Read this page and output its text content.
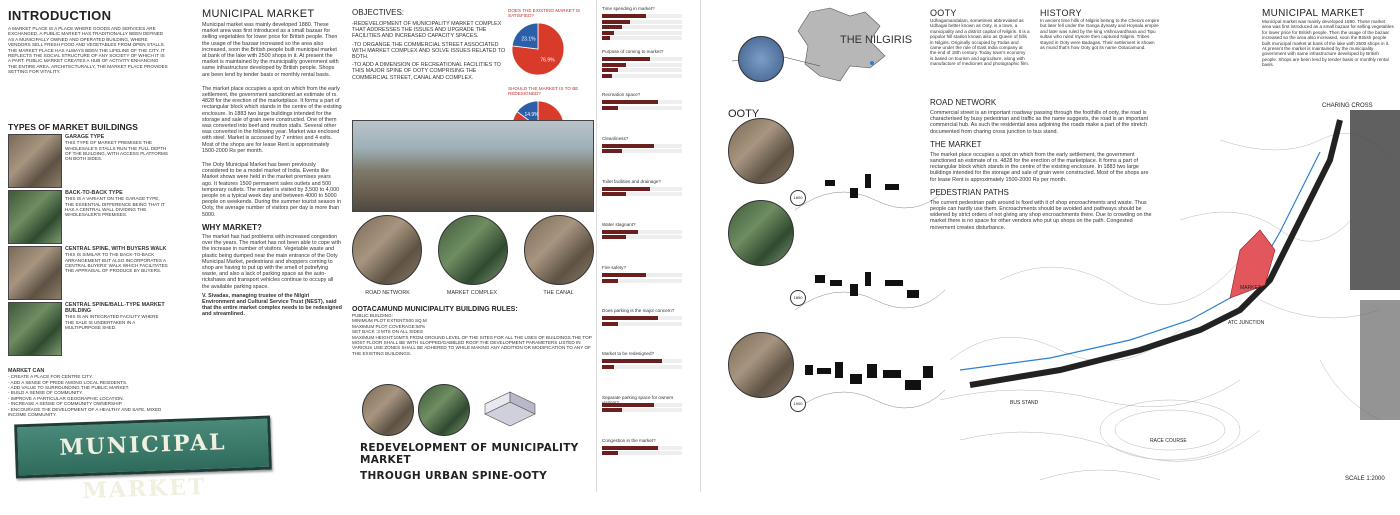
INTRODUCTION
A MARKET PLACE IS A PLACE WHERE GOODS AND SERVICES ARE EXCHANGED. A PUBLIC MARKET HAS TRADITIONALLY BEEN DEFINED AS A MUNICIPALLY OWNED AND OPERATED BUILDING, WHERE VENDORS SELL FRESH FOOD AND VEGETABLES FROM OPEN STALLS. THE MARKET PLACE HAS ALWAYS BEEN THE LIFELINE OF THE CITY. IT REFLECTS THE SOCIAL STRUCTURE OF ANY SOCIETY OF WHICH IT IS A PART. PUBLIC MARKET CREATES A HUB OF ACTIVITY ENHANCING THE ENTIRE AREA. ARCHITECTURALLY, THE MARKET PLACE PROVIDES SETTING FOR VITALITY.
TYPES OF MARKET BUILDINGS
GARAGE TYPE
THIS TYPE OF MARKET PREMISES THE WHOLESALE'S STALLS RUN THE FULL DEPTH OF THE BUILDING, WITH ACCESS PLATFORMS ON BOTH SIDES.
BACK-TO-BACK TYPE
THIS IS A VARIANT ON THE GARAGE TYPE, THE ESSENTIAL DIFFERENCE BEING THAT IT HAS A CENTRAL WALL DIVIDING THE WHOLESALER'S PREMISES.
CENTRAL SPINE, WITH BUYERS WALK
THIS IS SIMILAR TO THE BACK-TO-BACK ARRANGEMENT BUT ALSO INCORPORATES A CENTRAL BUYERS' WALK WHICH FACILITATES THE APPRAISAL OF PRODUCE BY BUYERS.
CENTRAL SPINE/BALL-TYPE MARKET BUILDING
THIS IS AN INTEGRATED FACILITY WHERE THE SALE IS UNDERTAKEN IN A MULTIPURPOSE SHED.
MARKET CAN
- CREATE A PLACE FOR CENTRE CITY.
- ADD A SENSE OF PRIDE AMONG LOCAL RESIDENTS.
- ADD VALUE TO SURROUNDING THE PUBLIC MARKET.
- BUILD A SENSE OF COMMUNITY.
- IMPROVE A PARTICULAR GEOGRAPHIC LOCATION.
- INCREASE A SENSE OF COMMUNITY OWNERSHIP.
- ENCOURAGE THE DEVELOPMENT OF A HEALTHY AND SAFE, MIXED INCOME COMMUNITY.
MUNICIPAL MARKET
MUNICIPAL MARKET
Municipal market was mainly developed 1880. These market area was first introduced as a small bazaar for selling vegetables for lower price for British people. Then the usage of the bazaar increased so the area also increased, soon the British people built municipal market at bank of the lake with 2500 shops in it. At present the market is maintained by the municipality government with same infrastructure developed by British people. Shops are been lend by tender basis or monthly rental basis.
The market place occupies a spot on which from the early settlement, the government sanctioned an estimate of rs. 4828 for the erection of the marketplace. It forms a part of rectangular block which stands in the centre of the existing enclosure. In 1883 two large buildings intended for the storage and sale of grain were constructed. One of them was converted into beef and mutton stalls. Several other was converted in the following year. Market was enclosed with steel. Market is accessed by 7 entries and 4 exits. Most of the shops are for lease Rent is approximately 1500-2000 Rs per month.
The Ooty Municipal Market has been previously considered to be a model market of India. Events like Market shows were held in the market premises years ago. It features 1500 permanent sales outlets and 500 temporary outlets. The market is visited by 3,500 to 4,000 people on a typical week day and between 4000 to 5000 people on weekends. During the summer tourist season in Ooty, the average number of visitors per day is more than 5000.
WHY MARKET?
The market has had problems with increased congestion over the years. The market has not been able to cope with the increase in number of visitors. Vegetable waste and plastic being dumped near the main entrance of the Ooty Municipal Market, pedestrians and shoppers coming to shop are having to put up with the smell of putrefying waste, and also a lack of parking space as the auto-rickshaws and transport vehicles continue to occupy all the available parking space.
V. Sivadas, managing trustee of the Nilgiri Environment and Cultural Service Trust (NEST), said that the entire market complex needs to be redesigned and streamlined.
OBJECTIVES:
-REDEVELOPMENT OF MUNICIPALITY MARKET COMPLEX THAT ADDRESSES THE ISSUES AND UPGRADE THE FACILITIES AND INCREASED CAPACITY SPACES.
-TO ORGANGE THE COMMERCIAL STREET ASSOCIATED WITH MARKET COMPLEX AND SOLVE ISSUES RELATED TO BOTH.
-TO ADD A DIMENSION OF RECREATIONAL FACILITIES TO THIS MAJOR SPINE OF OOTY COMPRISING THE COMMERCIAL STREET, CANAL AND COMPLEX.
DOES THE EXISTING MARKET IS SATISFIED?
76.9%
23.1%
SHOULD THE MARKET IS TO BE REDESIGNED?
14.9%
ROAD NETWORK	MARKET COMPLEX	THE CANAL
OOTACAMUND MUNICIPALITY BUILDING RULES:
PUBLIC BUILDING:
MINIMUM PLOT EXTENT:500 SQ.M
MAXIMUM PLOT COVERAGE:50%
SET BACK :3 MTS ON ALL SIDES
MAXIMUM HEIGHT:10MTS FROM GROUND LEVEL OF THE SITES FOR ALL THE USES OF BUILDINGS.THE TOP MOST FLOOR SHALL BE WITH SLOPPED/GABBLED ROOF.THE DEVELOPMENT PARAMETERS LISTED IN VARIOUS USE ZONES SHALL BE ADHERED TO WHILE MAKING ANY ADDITION OR MODIFICATION TO ANY OF THE EXISTING BUILDINGS.
REDEVELOPMENT OF MUNICIPALITY MARKET
THROUGH URBAN SPINE-OOTY
Time spending in market?
Purpose of coming to market?
Recreation space?
Cleanliness?
Toilet facilities and drainage?
Water stagnant?
Fire safety?
Does parking is the major concern?
Market to be redesigned?
Separate parking space for owners
Congestion in the market?
THE NILGIRIS
OOTY
1800
1850
1900
OOTY
Udhagamandalam, sometimes abbreviated as Udhagai better known as Ooty, is a town, a municipality and a district capital of Nilgiris. It is a popular hill station known also as Queen of hills in Nilgiris. Originally occupied by Todas and came under the rule of East India company at the end of 18th century. Today town's economy is based on tourism and agriculture, along with manufacture of medicines and photographic film.
HISTORY
In ancient time hills of Nilgiris belong to the Chera's empire but later fell under the Ganga dynasty and Hoysala empire and later was ruled by the king Vishnuvardhana and Tipu sultan who ruled mysore then captured Nilgiris. Tribes stayed in Ooty were Badagas. Their settlement is shown as mund that's how Ooty got its name Ootacamund.
ROAD NETWORK
Commercial street is an important roadway passing through the foothills of ooty, the road is characterised by busy pedestrian and traffic as the name suggests, the road is an important commercial hub. As such the residential area adjoining the roads make a part of the stretch documented from charing cross junction to bus stand.
THE MARKET
The market place occupies a spot on which from the early settlement, the government sanctioned an estimate of rs. 4828 for the erection of the marketplace. It forms a part of rectangular block which stands in the centre of the existing enclosure. In 1883 two large buildings intended for the storage and sale of grain were constructed. Most of the shops are for lease Rent is approximately 1500-2000 Rs per month.
PEDESTRIAN PATHS
The current pedestrian path around is fixed with it of shop encroachments and waste. Thus people can hardly use them. Encroachments should be avoided and pathways should be widened by strict orders of not giving any shop encroachments there. Due to crowding on the market there is no space for other vendors who put up shops on the path. Congested movement creates disturbance.
MUNICIPAL MARKET
Municipal market was mainly developed 1880. These market area was first introduced as a small bazaar for selling vegetables for lower price for British people. Then the usage of the bazaar increased so the area also increased, soon the British people built municipal market at bank of the lake with 2500 shops in it. At present the market is maintained by the municipality government with same infrastructure developed by British people. Shops are been lend by tender basis or monthly rental basis.
MARKET
ATC JUNCTION
BUS STAND
RACE COURSE
CHARING CROSS
SCALE 1:2000
